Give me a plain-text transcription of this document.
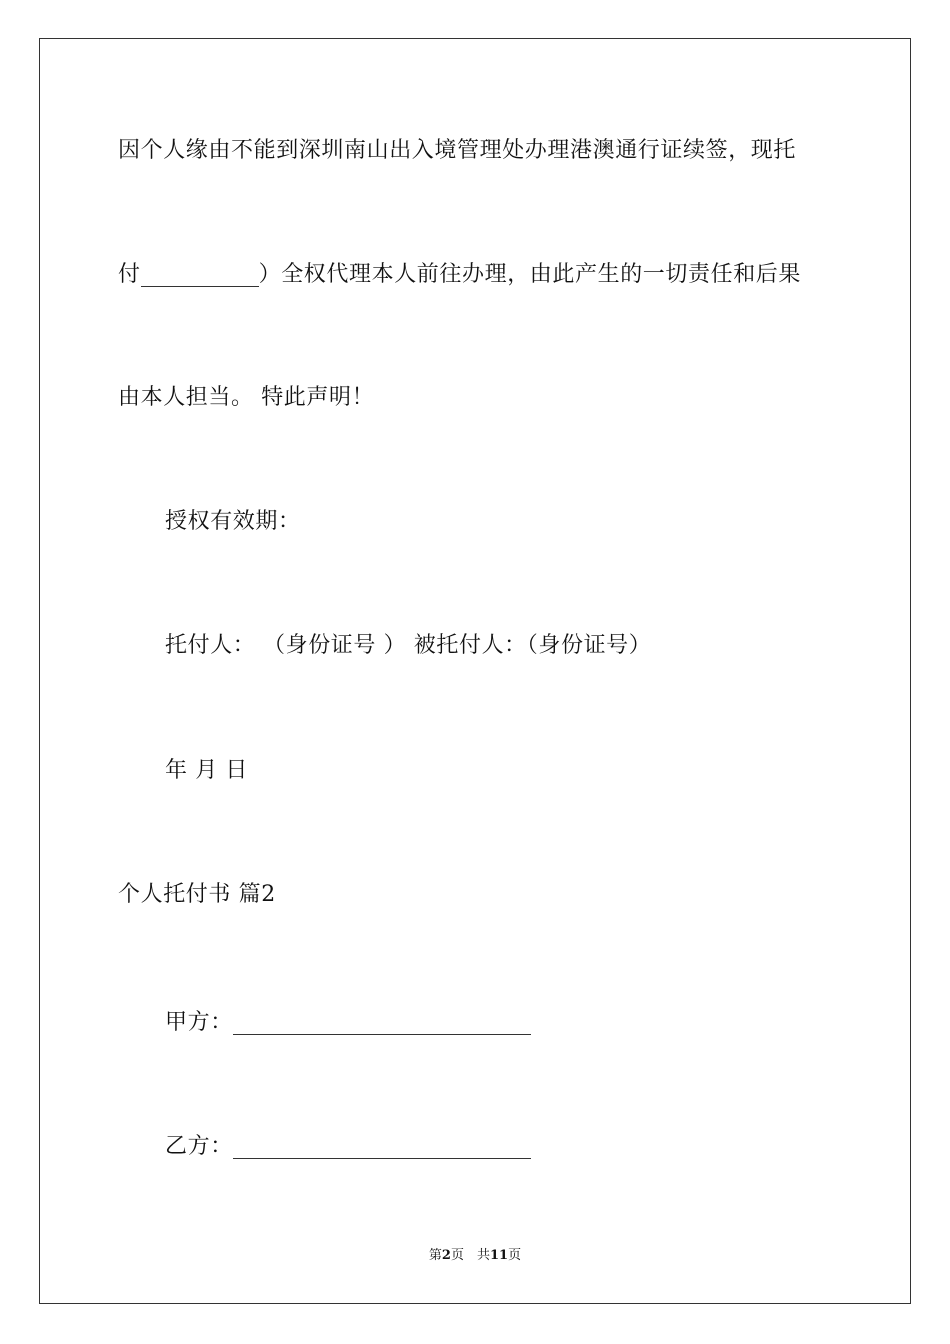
因个人缘由不能到深圳南山出入境管理处办理港澳通行证续签，现托
付	）全权代理本人前往办理，由此产生的一切责任和后果
由本人担当。 特此声明！
授权有效期：
托付人： （身份证号 ） 被托付人：（身份证号）
年 月 日
个人托付书 篇2
甲方：
乙方：
第2页　共11页
